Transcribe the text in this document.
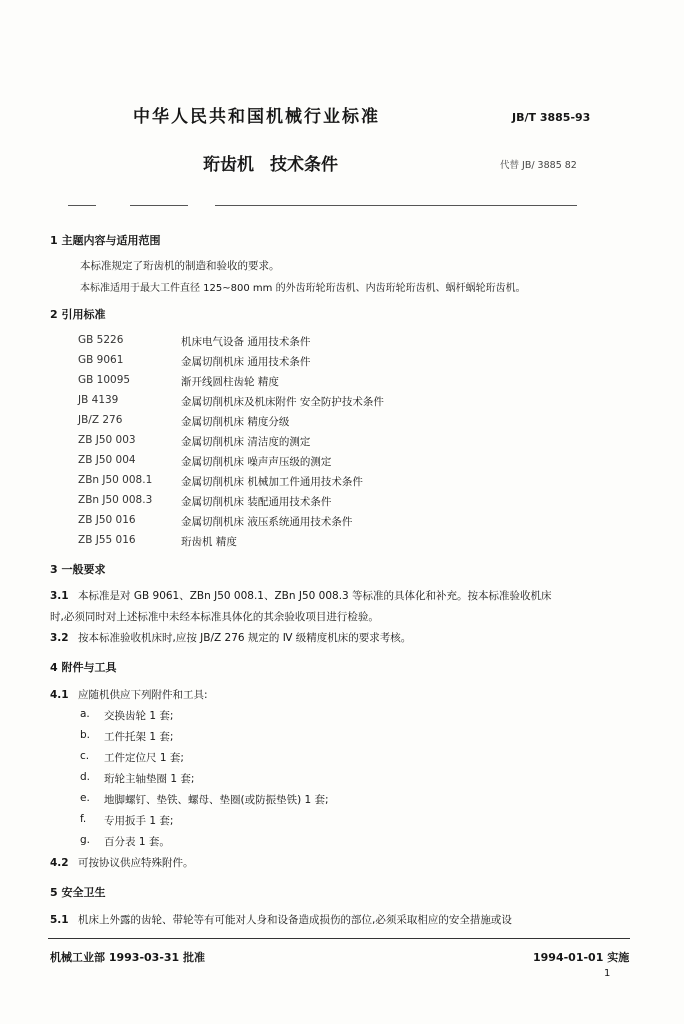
中华人民共和国机械行业标准	JB/T 3885-93
珩齿机 技术条件	代替 JB/ 3885 82
1 主题内容与适用范围
本标准规定了珩齿机的制造和验收的要求。
本标准适用于最大工件直径 125~800 mm 的外齿珩轮珩齿机、内齿珩轮珩齿机、蜗杆蜗轮珩齿机。
2 引用标准
GB 5226	机床电气设备 通用技术条件
GB 9061	金属切削机床 通用技术条件
GB 10095	渐开线圆柱齿轮 精度
JB 4139	金属切削机床及机床附件 安全防护技术条件
JB/Z 276	金属切削机床 精度分级
ZB J50 003	金属切削机床 清洁度的测定
ZB J50 004	金属切削机床 噪声声压级的测定
ZBn J50 008.1	金属切削机床 机械加工件通用技术条件
ZBn J50 008.3	金属切削机床 装配通用技术条件
ZB J50 016	金属切削机床 液压系统通用技术条件
ZB J55 016	珩齿机 精度
3 一般要求
3.1 本标准是对 GB 9061、ZBn J50 008.1、ZBn J50 008.3 等标准的具体化和补充。按本标准验收机床
时,必须同时对上述标准中未经本标准具体化的其余验收项目进行检验。
3.2 按本标准验收机床时,应按 JB/Z 276 规定的 Ⅳ 级精度机床的要求考核。
4 附件与工具
4.1 应随机供应下列附件和工具:
a. 交换齿轮 1 套;
b. 工件托架 1 套;
c. 工件定位尺 1 套;
d. 珩轮主轴垫圈 1 套;
e. 地脚螺钉、垫铁、螺母、垫圈(或防振垫铁) 1 套;
f. 专用扳手 1 套;
g. 百分表 1 套。
4.2 可按协议供应特殊附件。
5 安全卫生
5.1 机床上外露的齿轮、带轮等有可能对人身和设备造成损伤的部位,必须采取相应的安全措施或设
机械工业部 1993-03-31 批准	1994-01-01 实施
1
